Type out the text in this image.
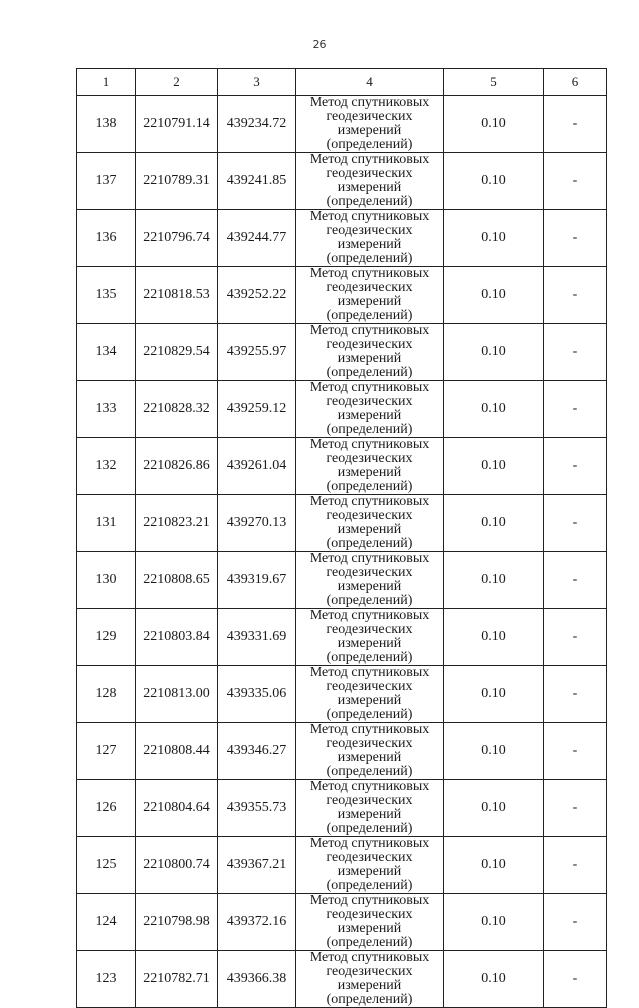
26
1	2	3	4	5	6
138	2210791.14	439234.72	Метод спутниковых
геодезических измерений
(определений)	0.10	-
137	2210789.31	439241.85	Метод спутниковых
геодезических измерений
(определений)	0.10	-
136	2210796.74	439244.77	Метод спутниковых
геодезических измерений
(определений)	0.10	-
135	2210818.53	439252.22	Метод спутниковых
геодезических измерений
(определений)	0.10	-
134	2210829.54	439255.97	Метод спутниковых
геодезических измерений
(определений)	0.10	-
133	2210828.32	439259.12	Метод спутниковых
геодезических измерений
(определений)	0.10	-
132	2210826.86	439261.04	Метод спутниковых
геодезических измерений
(определений)	0.10	-
131	2210823.21	439270.13	Метод спутниковых
геодезических измерений
(определений)	0.10	-
130	2210808.65	439319.67	Метод спутниковых
геодезических измерений
(определений)	0.10	-
129	2210803.84	439331.69	Метод спутниковых
геодезических измерений
(определений)	0.10	-
128	2210813.00	439335.06	Метод спутниковых
геодезических измерений
(определений)	0.10	-
127	2210808.44	439346.27	Метод спутниковых
геодезических измерений
(определений)	0.10	-
126	2210804.64	439355.73	Метод спутниковых
геодезических измерений
(определений)	0.10	-
125	2210800.74	439367.21	Метод спутниковых
геодезических измерений
(определений)	0.10	-
124	2210798.98	439372.16	Метод спутниковых
геодезических измерений
(определений)	0.10	-
123	2210782.71	439366.38	Метод спутниковых
геодезических измерений
(определений)	0.10	-
